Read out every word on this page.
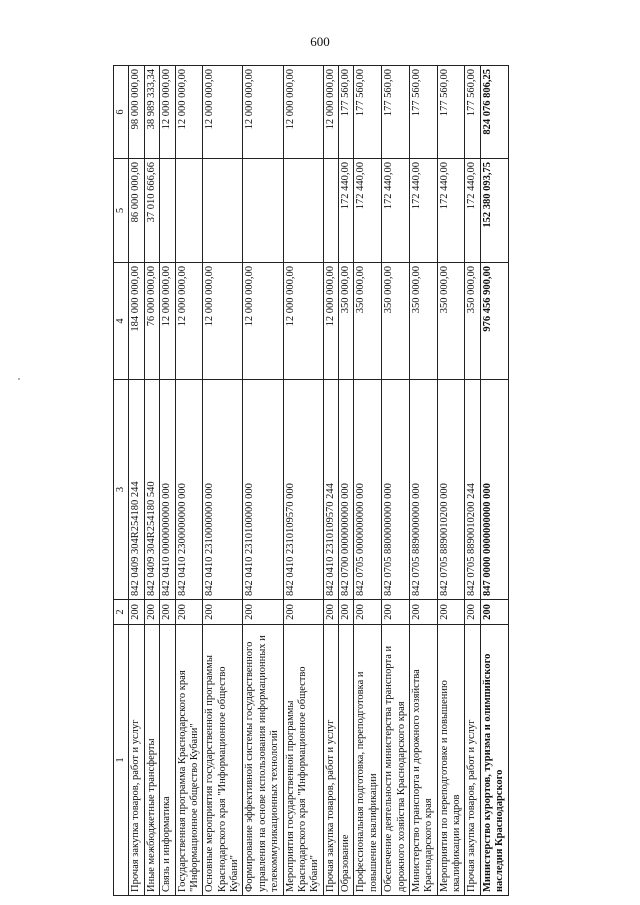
600
1	2	3	4	5	6
Прочая закупка товаров, работ и услуг	200	842 0409 304R254180 244	184 000 000,00	86 000 000,00	98 000 000,00
Иные межбюджетные трансферты	200	842 0409 304R254180 540	76 000 000,00	37 010 666,66	38 989 333,34
Связь и информатика	200	842 0410 0000000000 000	12 000 000,00		12 000 000,00
Государственная программа Краснодарского края "Информационное общество Кубани"	200	842 0410 2300000000 000	12 000 000,00		12 000 000,00
Основные мероприятия государственной программы Краснодарского края "Информационное общество Кубани"	200	842 0410 2310000000 000	12 000 000,00		12 000 000,00
Формирование эффективной системы государственного управления на основе использования информационных и телекоммуникационных технологий	200	842 0410 2310100000 000	12 000 000,00		12 000 000,00
Мероприятия государственной программы Краснодарского края "Информационное общество Кубани"	200	842 0410 2310109570 000	12 000 000,00		12 000 000,00
Прочая закупка товаров, работ и услуг	200	842 0410 2310109570 244	12 000 000,00		12 000 000,00
Образование	200	842 0700 0000000000 000	350 000,00	172 440,00	177 560,00
Профессиональная подготовка, переподготовка и повышение квалификации	200	842 0705 0000000000 000	350 000,00	172 440,00	177 560,00
Обеспечение деятельности министерства транспорта и дорожного хозяйства Краснодарского края	200	842 0705 8800000000 000	350 000,00	172 440,00	177 560,00
Министерство транспорта и дорожного хозяйства Краснодарского края	200	842 0705 8890000000 000	350 000,00	172 440,00	177 560,00
Мероприятия по переподготовке и повышению квалификации кадров	200	842 0705 8890010200 000	350 000,00	172 440,00	177 560,00
Прочая закупка товаров, работ и услуг	200	842 0705 8890010200 244	350 000,00	172 440,00	177 560,00
Министерство курортов, туризма и олимпийского наследия Краснодарского	200	847 0000 0000000000 000	976 456 900,00	152 380 093,75	824 076 806,25
